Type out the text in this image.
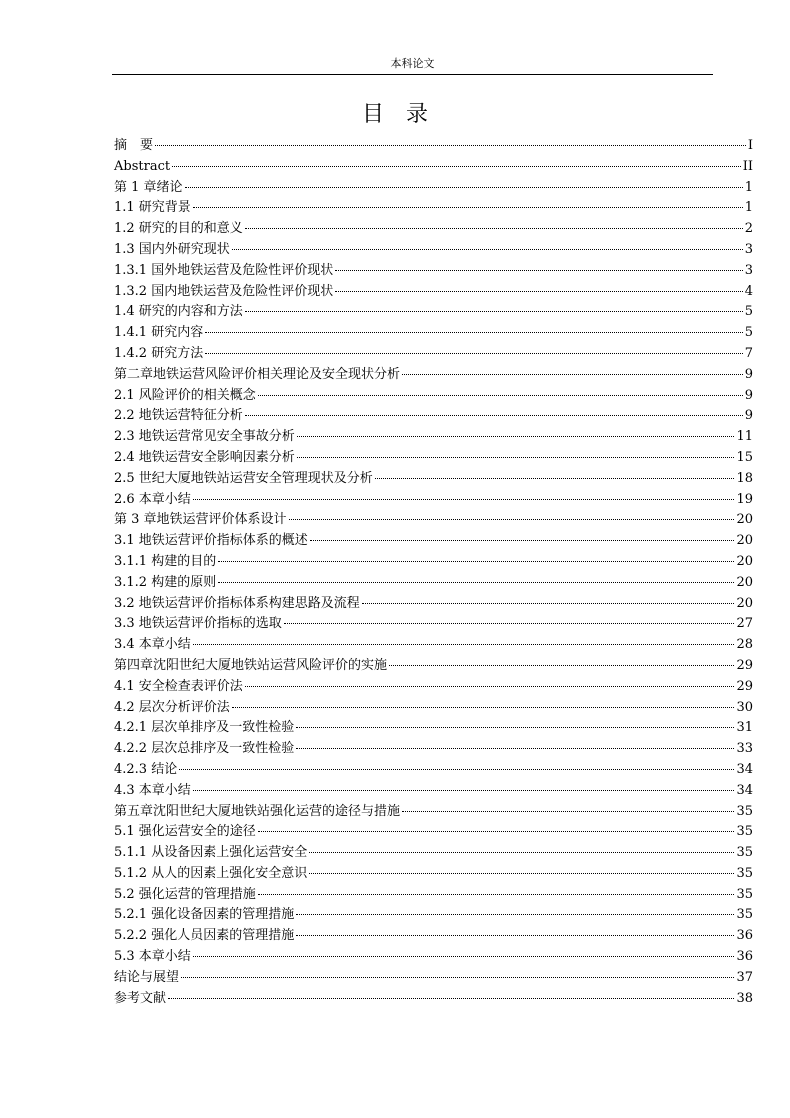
本科论文
目录
摘　要	I
Abstract	II
第 1 章绪论	1
1.1 研究背景	1
1.2 研究的目的和意义	2
1.3 国内外研究现状	3
1.3.1 国外地铁运营及危险性评价现状	3
1.3.2 国内地铁运营及危险性评价现状	4
1.4 研究的内容和方法	5
1.4.1 研究内容	5
1.4.2 研究方法	7
第二章地铁运营风险评价相关理论及安全现状分析	9
2.1 风险评价的相关概念	9
2.2 地铁运营特征分析	9
2.3 地铁运营常见安全事故分析	11
2.4 地铁运营安全影响因素分析	15
2.5 世纪大厦地铁站运营安全管理现状及分析	18
2.6 本章小结	19
第 3 章地铁运营评价体系设计	20
3.1 地铁运营评价指标体系的概述	20
3.1.1 构建的目的	20
3.1.2 构建的原则	20
3.2 地铁运营评价指标体系构建思路及流程	20
3.3 地铁运营评价指标的选取	27
3.4 本章小结	28
第四章沈阳世纪大厦地铁站运营风险评价的实施	29
4.1 安全检查表评价法	29
4.2 层次分析评价法	30
4.2.1 层次单排序及一致性检验	31
4.2.2 层次总排序及一致性检验	33
4.2.3 结论	34
4.3 本章小结	34
第五章沈阳世纪大厦地铁站强化运营的途径与措施	35
5.1 强化运营安全的途径	35
5.1.1 从设备因素上强化运营安全	35
5.1.2 从人的因素上强化安全意识	35
5.2 强化运营的管理措施	35
5.2.1 强化设备因素的管理措施	35
5.2.2 强化人员因素的管理措施	36
5.3 本章小结	36
结论与展望	37
参考文献	38
